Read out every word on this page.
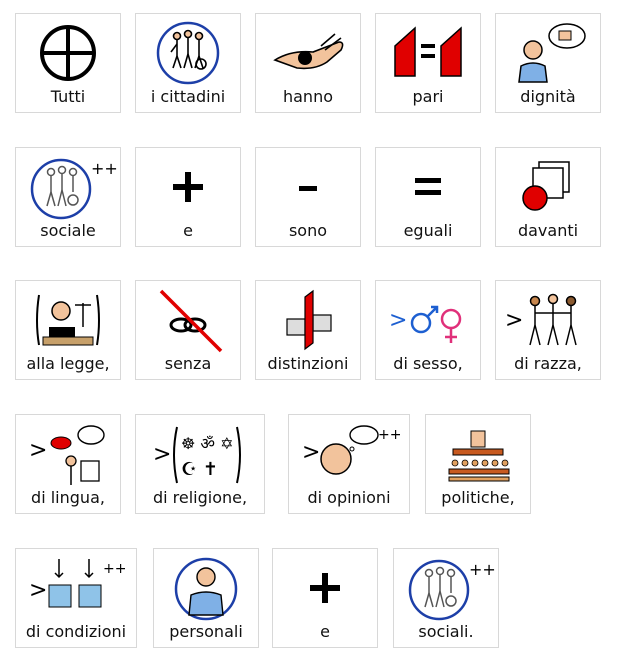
Tutti	i cittadini	hanno	pari	dignità
++
sociale	e	sono	eguali	davanti
alla legge,	senza	distinzioni
>
di sesso,
>
di razza,
>
di lingua,
> ☸ ॐ ✡
☪ ✝
di religione,
>
++
di opinioni	politiche,
>
++
di condizioni	personali	e
++
sociali.
